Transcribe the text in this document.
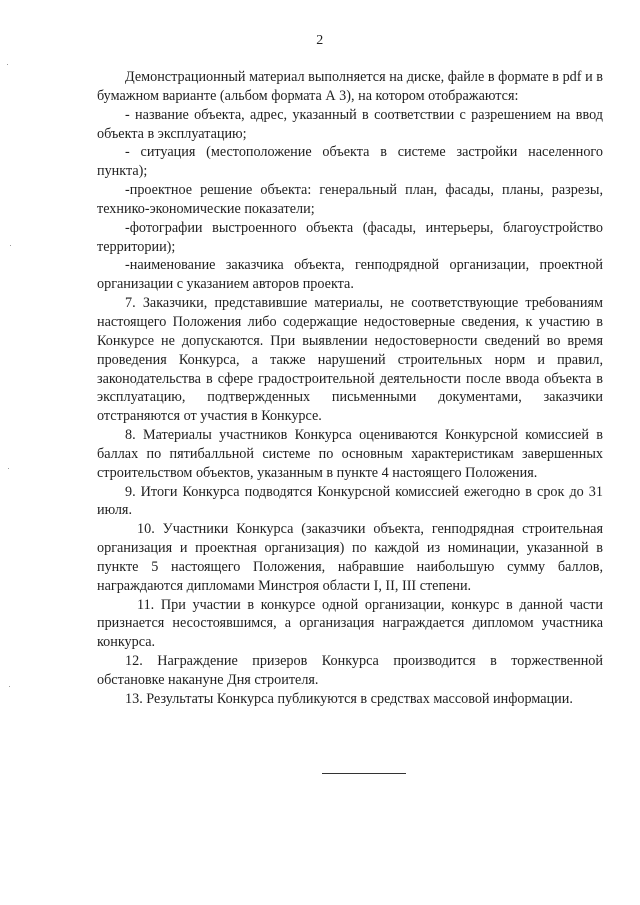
2

Демонстрационный материал выполняется на диске, файле в формате в pdf и в бумажном варианте (альбом формата А 3), на котором отображаются:

- название объекта, адрес, указанный в соответствии с разрешением на ввод объекта в эксплуатацию;

- ситуация (местоположение объекта в системе застройки населенного пункта);

-проектное решение объекта: генеральный план, фасады, планы, разрезы, технико-экономические показатели;

-фотографии выстроенного объекта (фасады, интерьеры, благоустройство территории);

-наименование заказчика объекта, генподрядной организации, проектной организации с указанием авторов проекта.

7. Заказчики, представившие материалы, не соответствующие требованиям настоящего Положения либо содержащие недостоверные сведения, к участию в Конкурсе не допускаются. При выявлении недостоверности сведений во время проведения Конкурса, а также нарушений строительных норм и правил, законодательства в сфере градостроительной деятельности после ввода объекта в эксплуатацию, подтвержденных письменными документами, заказчики отстраняются от участия в Конкурсе.

8. Материалы участников Конкурса оцениваются Конкурсной комиссией в баллах по пятибалльной системе по основным характеристикам завершенных строительством объектов, указанным в пункте 4 настоящего Положения.

9. Итоги Конкурса подводятся Конкурсной комиссией ежегодно в срок до 31 июля.

10. Участники Конкурса (заказчики объекта, генподрядная строительная организация и проектная организация) по каждой из номинации, указанной в пункте 5 настоящего Положения, набравшие наибольшую сумму баллов, награждаются дипломами Минстроя области I, II, III степени.

11. При участии в конкурсе одной организации, конкурс в данной части признается несостоявшимся, а организация награждается дипломом участника конкурса.

12. Награждение призеров Конкурса производится в торжественной обстановке накануне Дня строителя.

13. Результаты Конкурса публикуются в средствах массовой информации.
